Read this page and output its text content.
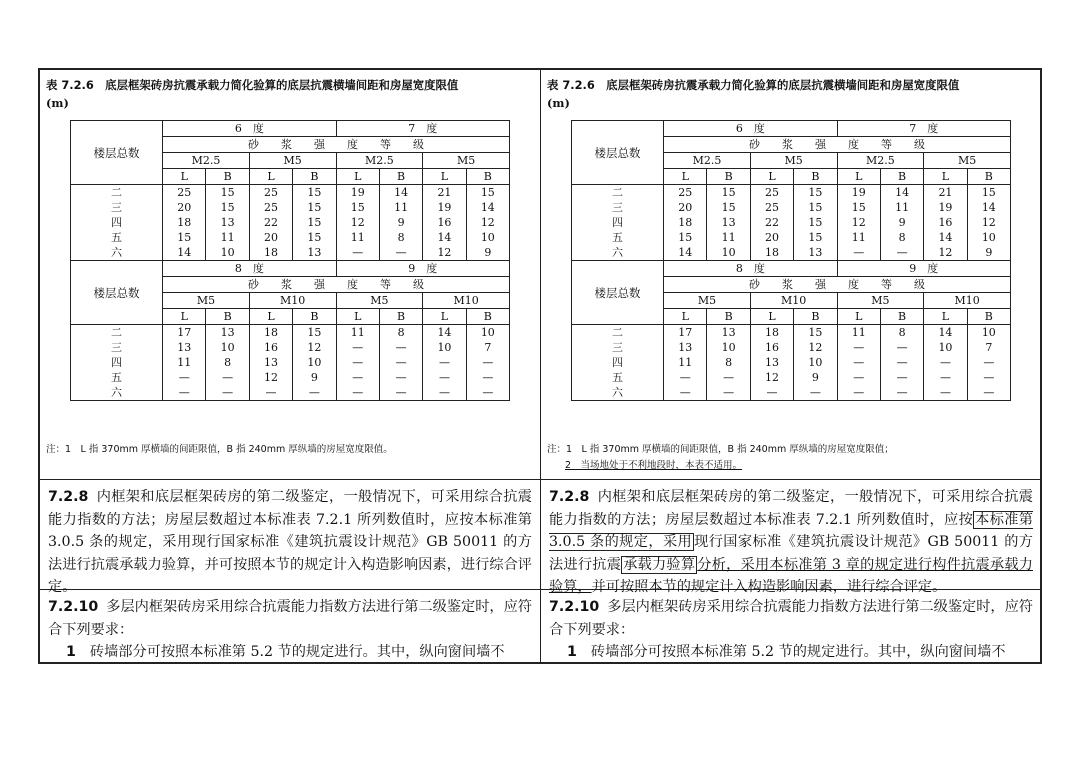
表 7.2.6　底层框架砖房抗震承载力简化验算的底层抗震横墙间距和房屋宽度限值
(m)
楼层总数	6　度				7　度			
	砂　　浆　　强　　度　　等　　级							
	M2.5		M5		M2.5		M5	
	L	B	L	B	L	B	L	B
二	25	15	25	15	19	14	21	15
三	20	15	25	15	15	11	19	14
四	18	13	22	15	12	9	16	12
五	15	11	20	15	11	8	14	10
六	14	10	18	13	—	—	12	9
楼层总数	8　度				9　度			
	砂　　浆　　强　　度　　等　　级							
	M5		M10		M5		M10	
	L	B	L	B	L	B	L	B
二	17	13	18	15	11	8	14	10
三	13	10	16	12	—	—	10	7
四	11	8	13	10	—	—	—	—
五	—	—	12	9	—	—	—	—
六	—	—	—	—	—	—	—	—
注：1　L 指 370mm 厚横墙的间距限值，B 指 240mm 厚纵墙的房屋宽度限值。
7.2.8 内框架和底层框架砖房的第二级鉴定，一般情况下，可采用综合抗震能力指数的方法；房屋层数超过本标准表 7.2.1 所列数值时，应按本标准第 3.0.5 条的规定，采用现行国家标准《建筑抗震设计规范》GB 50011 的方法进行抗震承载力验算，并可按照本节的规定计入构造影响因素，进行综合评定。
7.2.10 多层内框架砖房采用综合抗震能力指数方法进行第二级鉴定时，应符合下列要求：
1 砖墙部分可按照本标准第 5.2 节的规定进行。其中，纵向窗间墙不
表 7.2.6　底层框架砖房抗震承载力简化验算的底层抗震横墙间距和房屋宽度限值
(m)
楼层总数	6　度				7　度			
	砂　　浆　　强　　度　　等　　级							
	M2.5		M5		M2.5		M5	
	L	B	L	B	L	B	L	B
二	25	15	25	15	19	14	21	15
三	20	15	25	15	15	11	19	14
四	18	13	22	15	12	9	16	12
五	15	11	20	15	11	8	14	10
六	14	10	18	13	—	—	12	9
楼层总数	8　度				9　度			
	砂　　浆　　强　　度　　等　　级							
	M5		M10		M5		M10	
	L	B	L	B	L	B	L	B
二	17	13	18	15	11	8	14	10
三	13	10	16	12	—	—	10	7
四	11	8	13	10	—	—	—	—
五	—	—	12	9	—	—	—	—
六	—	—	—	—	—	—	—	—
注：1　L 指 370mm 厚横墙的间距限值，B 指 240mm 厚纵墙的房屋宽度限值；
2　当场地处于不利地段时，本表不适用。
7.2.8 内框架和底层框架砖房的第二级鉴定，一般情况下，可采用综合抗震能力指数的方法；房屋层数超过本标准表 7.2.1 所列数值时，应按 本标准第 3.0.5 条的规定，采用 现行国家标准《建筑抗震设计规范》GB 50011 的方法进行抗震 承载力验算 分析，采用本标准第 3 章的规定进行构件抗震承载力验算，并可按照本节的规定计入构造影响因素，进行综合评定。
7.2.10 多层内框架砖房采用综合抗震能力指数方法进行第二级鉴定时，应符合下列要求：
1 砖墙部分可按照本标准第 5.2 节的规定进行。其中，纵向窗间墙不
